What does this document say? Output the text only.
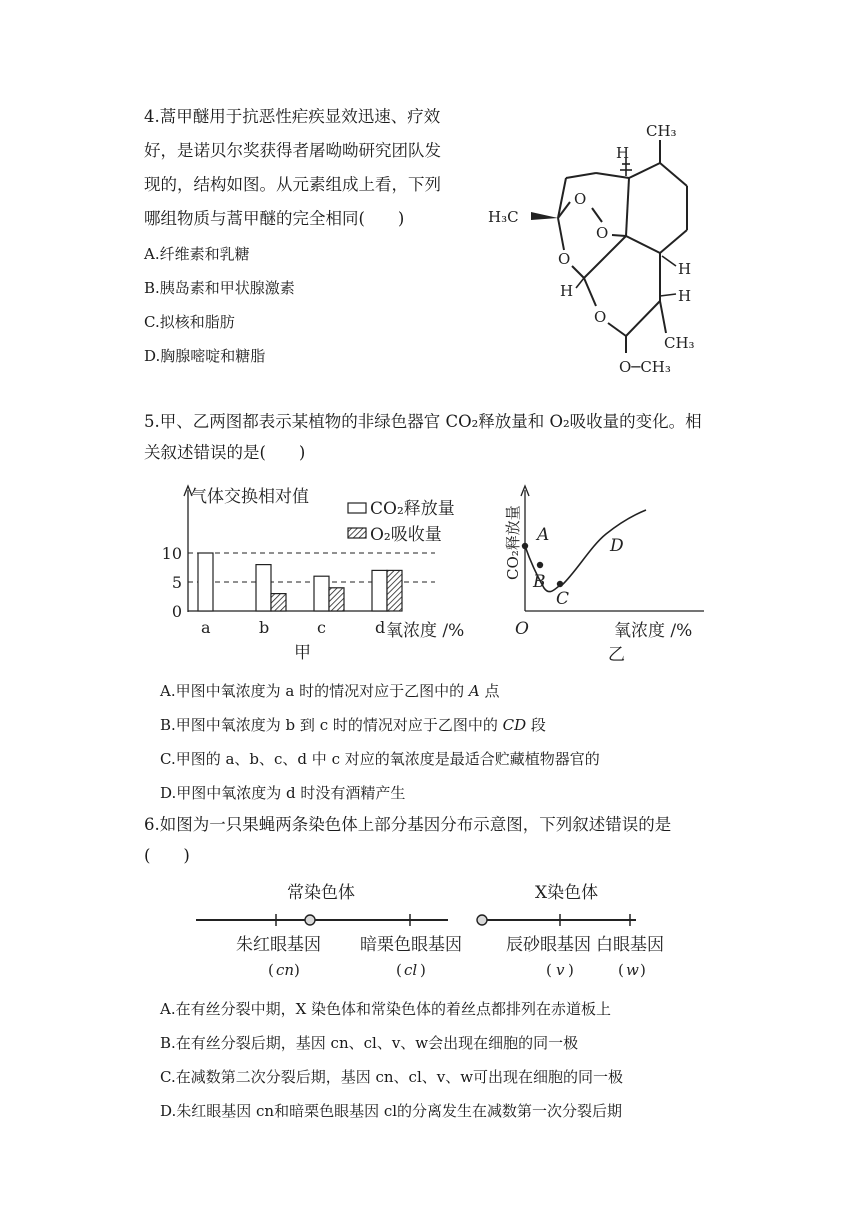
4.蒿甲醚用于抗恶性疟疾显效迅速、疗效
好，是诺贝尔奖获得者屠呦呦研究团队发
现的，结构如图。从元素组成上看，下列
哪组物质与蒿甲醚的完全相同(　　)
A.纤维素和乳糖
B.胰岛素和甲状腺激素
C.拟核和脂肪
D.胸腺嘧啶和糖脂
CH₃
H
H₃C
O
O
O
H
H
O
H
CH₃
O─CH₃
5.甲、乙两图都表示某植物的非绿色器官 CO₂释放量和 O₂吸收量的变化。相
关叙述错误的是(　　)
气体交换相对值
氧浓度 /%
甲
CO₂释放量
O₂吸收量
0
5
10
a	b	c	d
A
B
C
D
O	氧浓度 /%
乙
CO₂释放量
A.甲图中氧浓度为 a 时的情况对应于乙图中的 A 点
B.甲图中氧浓度为 b 到 c 时的情况对应于乙图中的 CD 段
C.甲图的 a、b、c、d 中 c 对应的氧浓度是最适合贮藏植物器官的
D.甲图中氧浓度为 d 时没有酒精产生
6.如图为一只果蝇两条染色体上部分基因分布示意图，下列叙述错误的是
(　　)
常染色体	X染色体
朱红眼基因 暗栗色眼基因	辰砂眼基因 白眼基因
( cn )	( cl )	( v )	( w )
A.在有丝分裂中期，X 染色体和常染色体的着丝点都排列在赤道板上
B.在有丝分裂后期，基因 cn、cl、v、w会出现在细胞的同一极
C.在减数第二次分裂后期，基因 cn、cl、v、w可出现在细胞的同一极
D.朱红眼基因 cn和暗栗色眼基因 cl的分离发生在减数第一次分裂后期
